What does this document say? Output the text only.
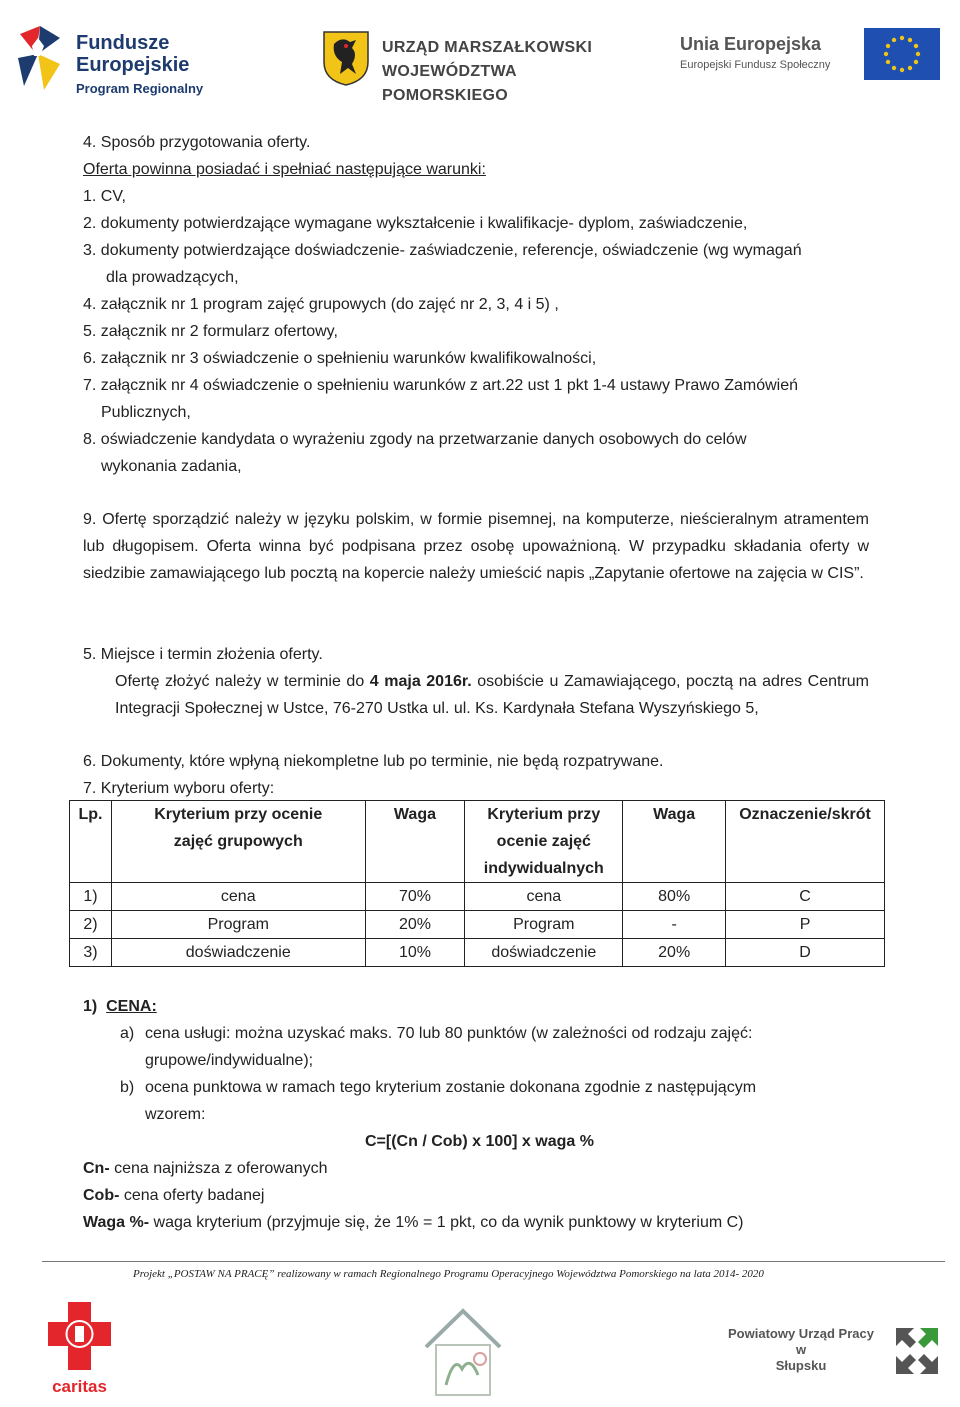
Fundusze
Europejskie
Program Regionalny
URZĄD MARSZAŁKOWSKI
WOJEWÓDZTWA POMORSKIEGO
Unia Europejska
Europejski Fundusz Społeczny
4. Sposób przygotowania oferty.
Oferta powinna posiadać i spełniać następujące warunki:
1. CV,
2. dokumenty potwierdzające wymagane wykształcenie i kwalifikacje- dyplom, zaświadczenie,
3. dokumenty potwierdzające doświadczenie- zaświadczenie, referencje, oświadczenie (wg wymagań
dla prowadzących,
4. załącznik nr 1 program zajęć grupowych (do zajęć nr 2, 3, 4 i 5) ,
5. załącznik nr 2 formularz ofertowy,
6. załącznik nr 3 oświadczenie o spełnieniu warunków kwalifikowalności,
7. załącznik nr 4 oświadczenie o spełnieniu warunków z art.22 ust 1 pkt 1-4 ustawy Prawo Zamówień
Publicznych,
8. oświadczenie kandydata o wyrażeniu zgody na przetwarzanie danych osobowych do celów
wykonania zadania,
9. Ofertę sporządzić należy w języku polskim, w formie pisemnej, na komputerze, nieścieralnym atramentem lub długopisem. Oferta winna być podpisana przez osobę upoważnioną. W przypadku składania oferty w siedzibie zamawiającego lub pocztą na kopercie należy umieścić napis „Zapytanie ofertowe na zajęcia w CIS”.
5. Miejsce i termin złożenia oferty.
Ofertę złożyć należy w terminie do 4 maja 2016r. osobiście u Zamawiającego, pocztą na adres Centrum Integracji Społecznej w Ustce, 76-270 Ustka ul. ul. Ks. Kardynała Stefana Wyszyńskiego 5,
6. Dokumenty, które wpłyną niekompletne lub po terminie, nie będą rozpatrywane.
7. Kryterium wyboru oferty:
Lp.	Kryterium przy ocenie zajęć grupowych	Waga	Kryterium przy ocenie zajęć indywidualnych	Waga	Oznaczenie/skrót
1)	cena	70%	cena	80%	C
2)	Program	20%	Program	-	P
3)	doświadczenie	10%	doświadczenie	20%	D
1) CENA:
a) cena usługi: można uzyskać maks. 70 lub 80 punktów (w zależności od rodzaju zajęć:
grupowe/indywidualne);
b) ocena punktowa w ramach tego kryterium zostanie dokonana zgodnie z następującym
wzorem:
C=[(Cn / Cob) x 100] x waga %
Cn- cena najniższa z oferowanych
Cob- cena oferty badanej
Waga %- waga kryterium (przyjmuje się, że 1% = 1 pkt, co da wynik punktowy w kryterium C)
Projekt „POSTAW NA PRACĘ” realizowany w ramach Regionalnego Programu Operacyjnego Województwa Pomorskiego na lata 2014- 2020
caritas
Powiatowy Urząd Pracy
w
Słupsku
